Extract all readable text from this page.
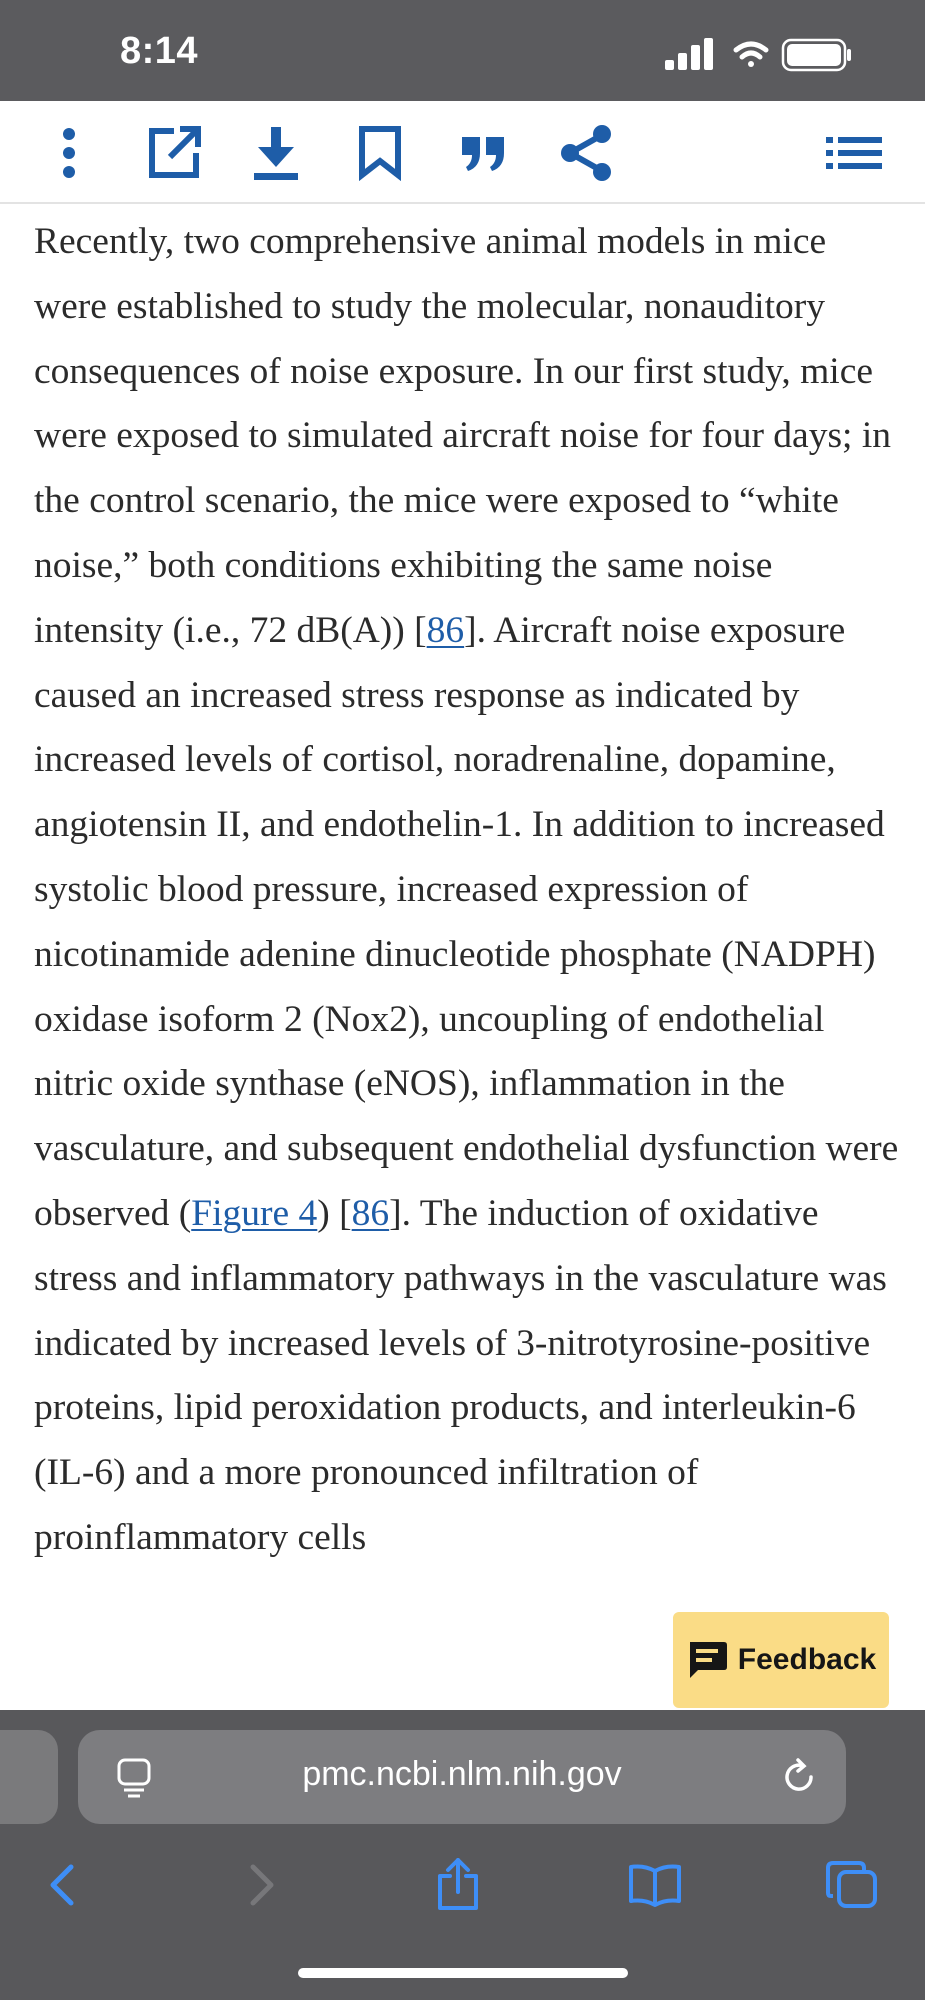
8:14

Recently, two comprehensive animal models in mice were established to study the molecular, nonauditory consequences of noise exposure. In our first study, mice were exposed to simulated aircraft noise for four days; in the control scenario, the mice were exposed to “white noise,” both conditions exhibiting the same noise intensity (i.e., 72 dB(A)) [86]. Aircraft noise exposure caused an increased stress response as indicated by increased levels of cortisol, noradrenaline, dopamine, angiotensin II, and endothelin-1. In addition to increased systolic blood pressure, increased expression of nicotinamide adenine dinucleotide phosphate (NADPH) oxidase isoform 2 (Nox2), uncoupling of endothelial nitric oxide synthase (eNOS), inflammation in the vasculature, and subsequent endothelial dysfunction were observed (Figure 4) [86]. The induction of oxidative stress and inflammatory pathways in the vasculature was indicated by increased levels of 3-nitrotyrosine-positive proteins, lipid peroxidation products, and interleukin-6 (IL-6) and a more pronounced infiltration of proinflammatory cells

Feedback
pmc.ncbi.nlm.nih.gov
